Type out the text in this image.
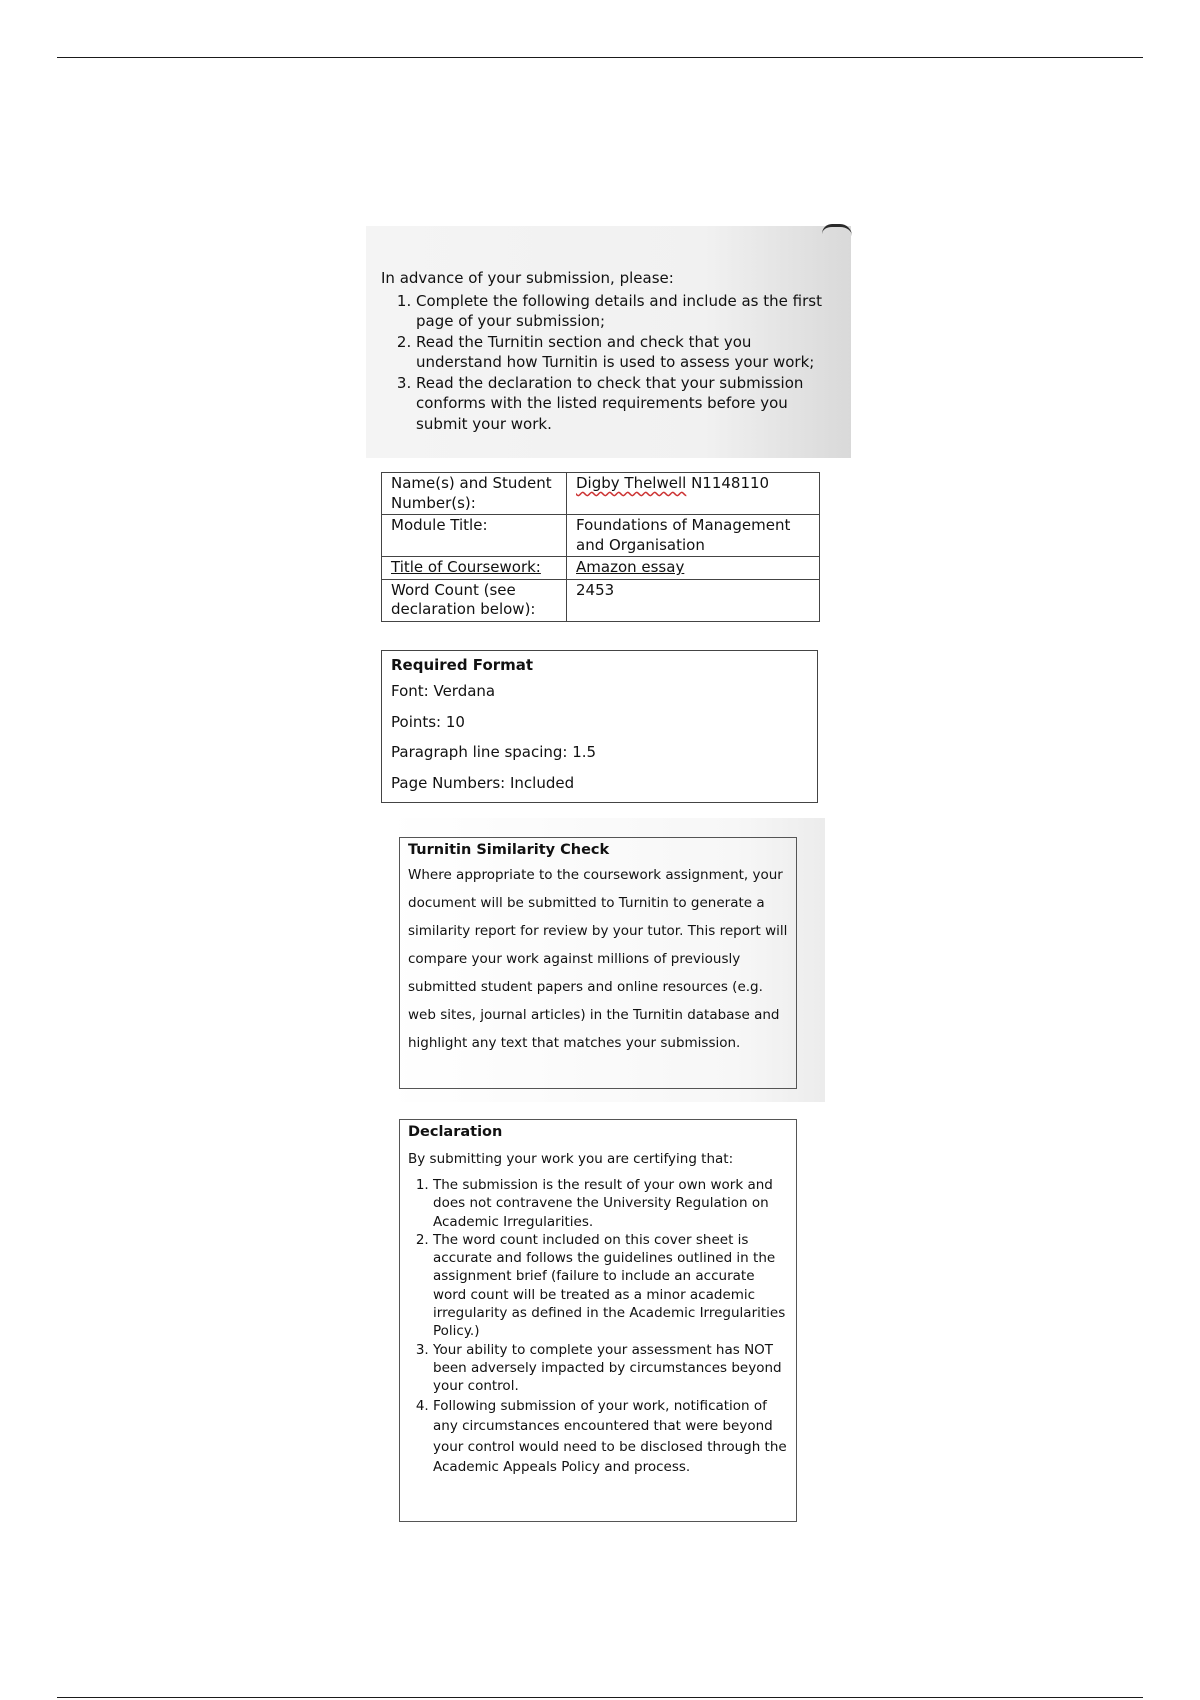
In advance of your submission, please:
1. Complete the following details and include as the first page of your submission;
2. Read the Turnitin section and check that you understand how Turnitin is used to assess your work;
3. Read the declaration to check that your submission conforms with the listed requirements before you submit your work.
Name(s) and Student Number(s):	Digby Thelwell N1148110
Module Title:	Foundations of Management and Organisation
Title of Coursework:	Amazon essay
Word Count (see declaration below):	2453
Required Format
Font: Verdana
Points: 10
Paragraph line spacing: 1.5
Page Numbers: Included
Turnitin Similarity Check
Where appropriate to the coursework assignment, your document will be submitted to Turnitin to generate a similarity report for review by your tutor. This report will compare your work against millions of previously submitted student papers and online resources (e.g. web sites, journal articles) in the Turnitin database and highlight any text that matches your submission.
Declaration
By submitting your work you are certifying that:
1. The submission is the result of your own work and does not contravene the University Regulation on Academic Irregularities.
2. The word count included on this cover sheet is accurate and follows the guidelines outlined in the assignment brief (failure to include an accurate word count will be treated as a minor academic irregularity as defined in the Academic Irregularities Policy.)
3. Your ability to complete your assessment has NOT been adversely impacted by circumstances beyond your control.
4. Following submission of your work, notification of any circumstances encountered that were beyond your control would need to be disclosed through the Academic Appeals Policy and process.
